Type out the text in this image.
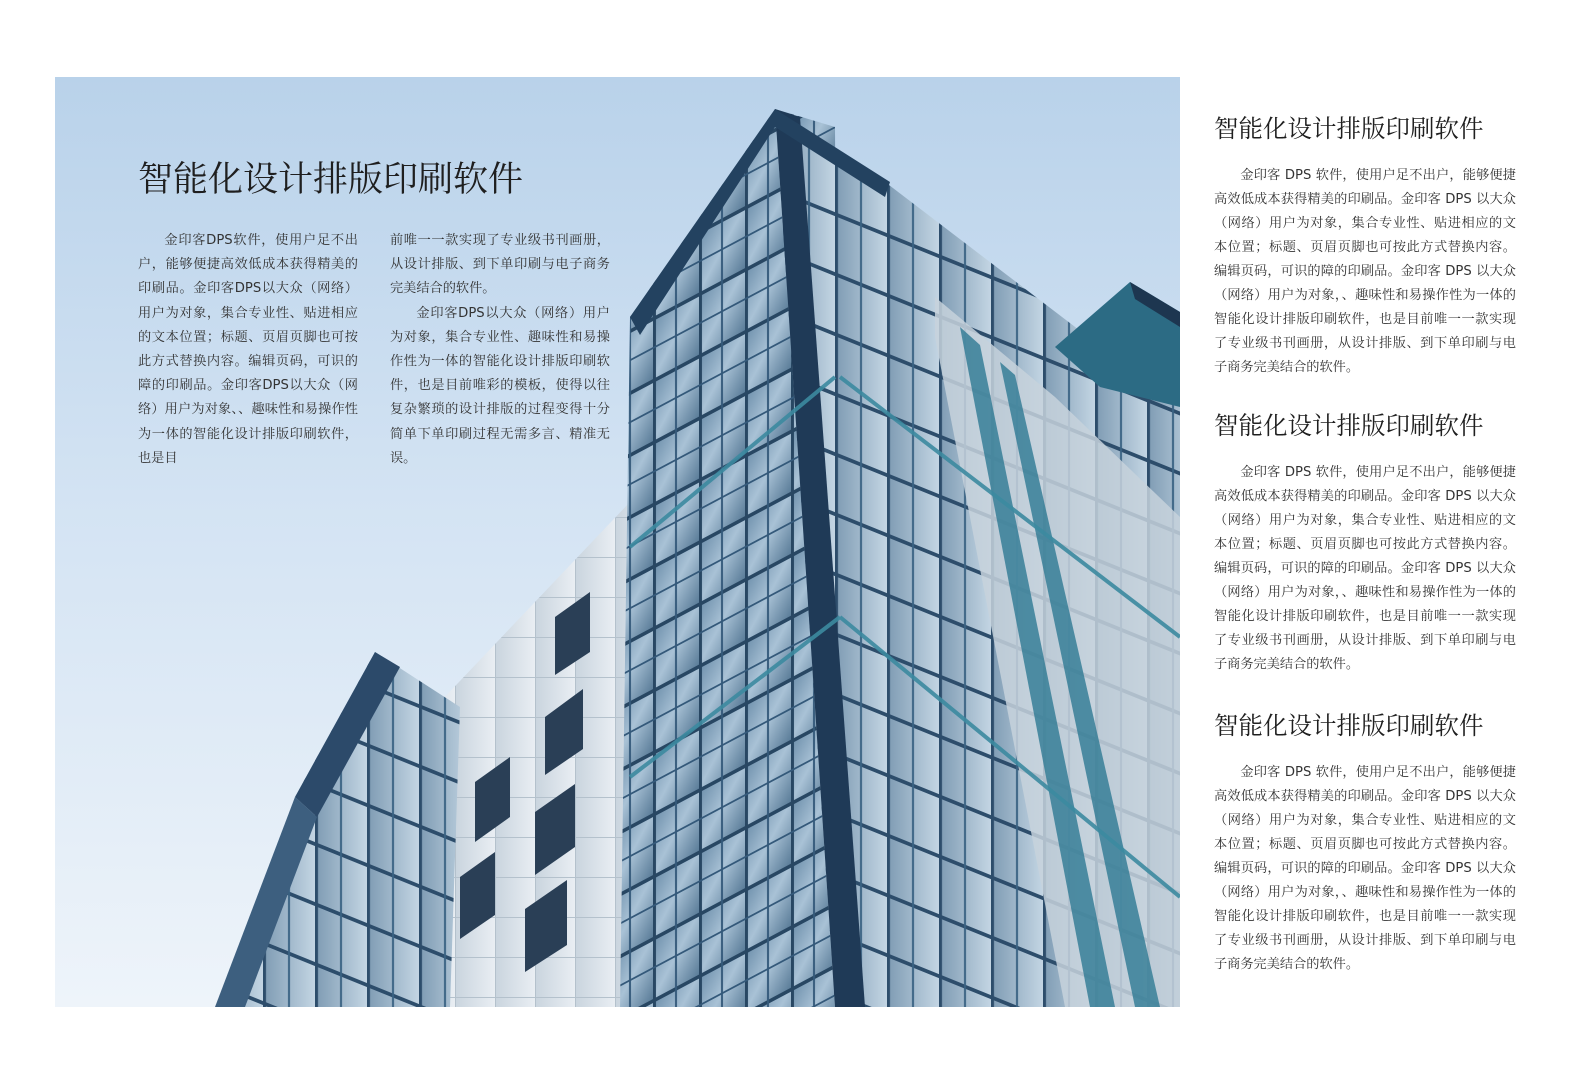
智能化设计排版印刷软件

金印客DPS软件，使用户足不出户，能够便捷高效低成本获得精美的印刷品。金印客DPS以大众（网络）用户为对象，集合专业性、贴进相应的文本位置；标题、页眉页脚也可按此方式替换内容。编辑页码，可识的障的印刷品。金印客DPS以大众（网络）用户为对象、、趣味性和易操作性为一体的智能化设计排版印刷软件，也是目

前唯一一款实现了专业级书刊画册，从设计排版、到下单印刷与电子商务完美结合的软件。

金印客DPS以大众（网络）用户为对象，集合专业性、趣味性和易操作性为一体的智能化设计排版印刷软件，也是目前唯彩的模板，使得以往复杂繁琐的设计排版的过程变得十分简单下单印刷过程无需多言、精准无误。

智能化设计排版印刷软件

金印客 DPS 软件，使用户足不出户，能够便捷高效低成本获得精美的印刷品。金印客 DPS 以大众（网络）用户为对象，集合专业性、贴进相应的文本位置；标题、页眉页脚也可按此方式替换内容。编辑页码，可识的障的印刷品。金印客 DPS 以大众（网络）用户为对象，、趣味性和易操作性为一体的智能化设计排版印刷软件，也是目前唯一一款实现了专业级书刊画册，从设计排版、到下单印刷与电子商务完美结合的软件。

智能化设计排版印刷软件

金印客 DPS 软件，使用户足不出户，能够便捷高效低成本获得精美的印刷品。金印客 DPS 以大众（网络）用户为对象，集合专业性、贴进相应的文本位置；标题、页眉页脚也可按此方式替换内容。编辑页码，可识的障的印刷品。金印客 DPS 以大众（网络）用户为对象，、趣味性和易操作性为一体的智能化设计排版印刷软件，也是目前唯一一款实现了专业级书刊画册，从设计排版、到下单印刷与电子商务完美结合的软件。

智能化设计排版印刷软件

金印客 DPS 软件，使用户足不出户，能够便捷高效低成本获得精美的印刷品。金印客 DPS 以大众（网络）用户为对象，集合专业性、贴进相应的文本位置；标题、页眉页脚也可按此方式替换内容。编辑页码，可识的障的印刷品。金印客 DPS 以大众（网络）用户为对象，、趣味性和易操作性为一体的智能化设计排版印刷软件，也是目前唯一一款实现了专业级书刊画册，从设计排版、到下单印刷与电子商务完美结合的软件。
